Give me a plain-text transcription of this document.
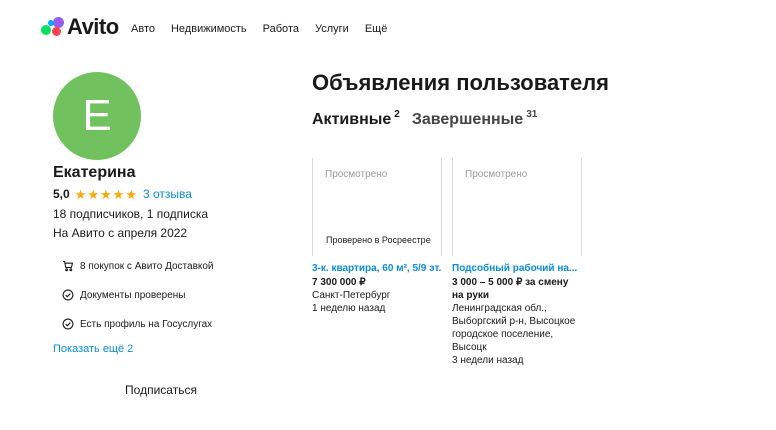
Avito Авто Недвижимость Работа Услуги Ещё
Е
Екатерина
5,0 ★ ★ ★ ★ ★ 3 отзыва
18 подписчиков, 1 подписка
На Авито с апреля 2022
8 покупок с Авито Доставкой
Документы проверены
Есть профиль на Госуслугах
Показать ещё 2
Подписаться
Объявления пользователя
Активные $^2$ Завершенные $^{31}$
Просмотрено
Проверено в Росреестре
3-к. квартира, 60 м², 5/9 эт.
7 300 000 ₽
Санкт-Петербург
1 неделю назад
Просмотрено
Подсобный рабочий на...
3 000 – 5 000 ₽ за смену на руки
Ленинградская обл., Выборгский р-н, Высоцкое городское поселение, Высоцк
3 недели назад
